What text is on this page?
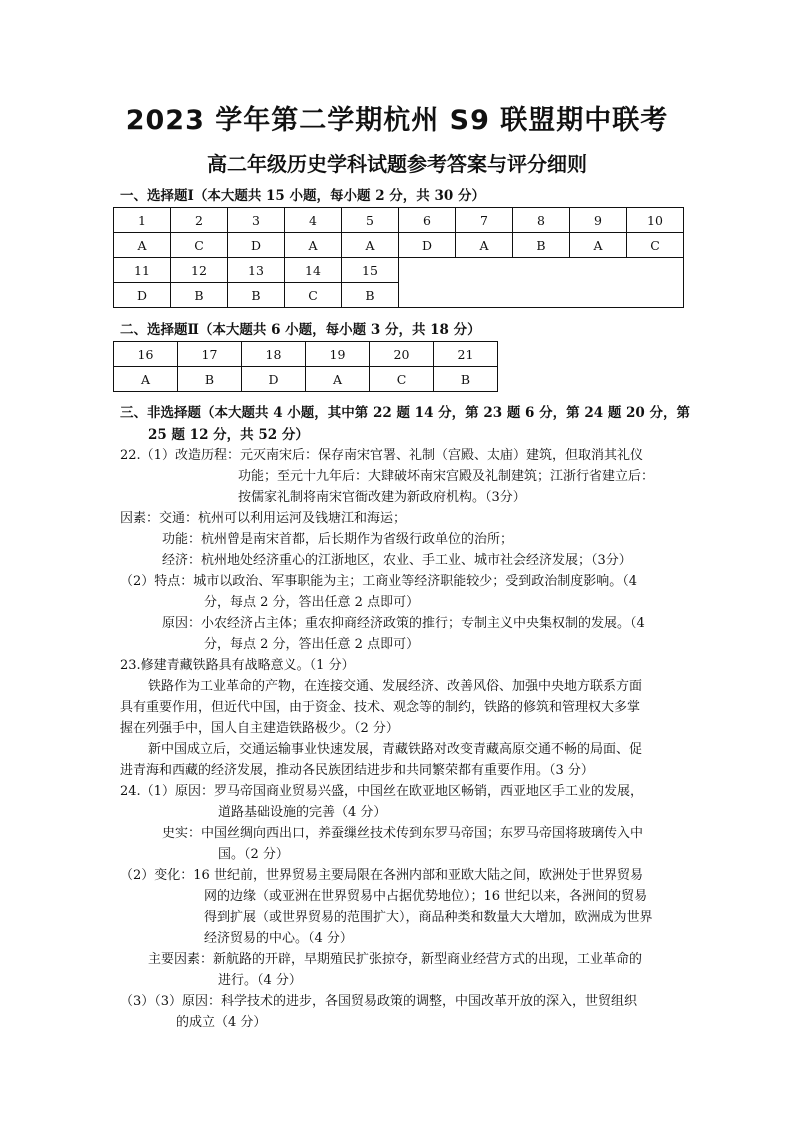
2023 学年第二学期杭州 S9 联盟期中联考
高二年级历史学科试题参考答案与评分细则
一、选择题Ⅰ（本大题共 15 小题，每小题 2 分，共 30 分）
1	2	3	4	5	6	7	8	9	10
A	C	D	A	A	D	A	B	A	C
11	12	13	14	15					
D	B	B	C	B					
二、选择题Ⅱ（本大题共 6 小题，每小题 3 分，共 18 分）
16	17	18	19	20	21
A	B	D	A	C	B
三、非选择题（本大题共 4 小题，其中第 22 题 14 分，第 23 题 6 分，第 24 题 20 分，第
25 题 12 分，共 52 分）
22.（1）改造历程：元灭南宋后：保存南宋官署、礼制（宫殿、太庙）建筑，但取消其礼仪
功能；至元十九年后：大肆破坏南宋宫殿及礼制建筑；江浙行省建立后：
按儒家礼制将南宋官衙改建为新政府机构。（3分）
因素：交通：杭州可以利用运河及钱塘江和海运；
功能：杭州曾是南宋首都，后长期作为省级行政单位的治所；
经济：杭州地处经济重心的江浙地区，农业、手工业、城市社会经济发展；（3分）
（2）特点：城市以政治、军事职能为主；工商业等经济职能较少；受到政治制度影响。（4
分，每点 2 分，答出任意 2 点即可）
原因：小农经济占主体；重农抑商经济政策的推行；专制主义中央集权制的发展。（4
分，每点 2 分，答出任意 2 点即可）
23.修建青藏铁路具有战略意义。（1 分）
铁路作为工业革命的产物，在连接交通、发展经济、改善风俗、加强中央地方联系方面
具有重要作用，但近代中国，由于资金、技术、观念等的制约，铁路的修筑和管理权大多掌
握在列强手中，国人自主建造铁路极少。（2 分）
新中国成立后，交通运输事业快速发展，青藏铁路对改变青藏高原交通不畅的局面、促
进青海和西藏的经济发展，推动各民族团结进步和共同繁荣都有重要作用。（3 分）
24.（1）原因：罗马帝国商业贸易兴盛，中国丝在欧亚地区畅销，西亚地区手工业的发展，
道路基础设施的完善（4 分）
史实：中国丝绸向西出口，养蚕缫丝技术传到东罗马帝国；东罗马帝国将玻璃传入中
国。（2 分）
（2）变化：16 世纪前，世界贸易主要局限在各洲内部和亚欧大陆之间，欧洲处于世界贸易
网的边缘（或亚洲在世界贸易中占据优势地位）；16 世纪以来，各洲间的贸易
得到扩展（或世界贸易的范围扩大），商品种类和数量大大增加，欧洲成为世界
经济贸易的中心。（4 分）
主要因素：新航路的开辟，早期殖民扩张掠夺，新型商业经营方式的出现，工业革命的
进行。（4 分）
（3）（3）原因：科学技术的进步，各国贸易政策的调整，中国改革开放的深入，世贸组织
的成立（4 分）
